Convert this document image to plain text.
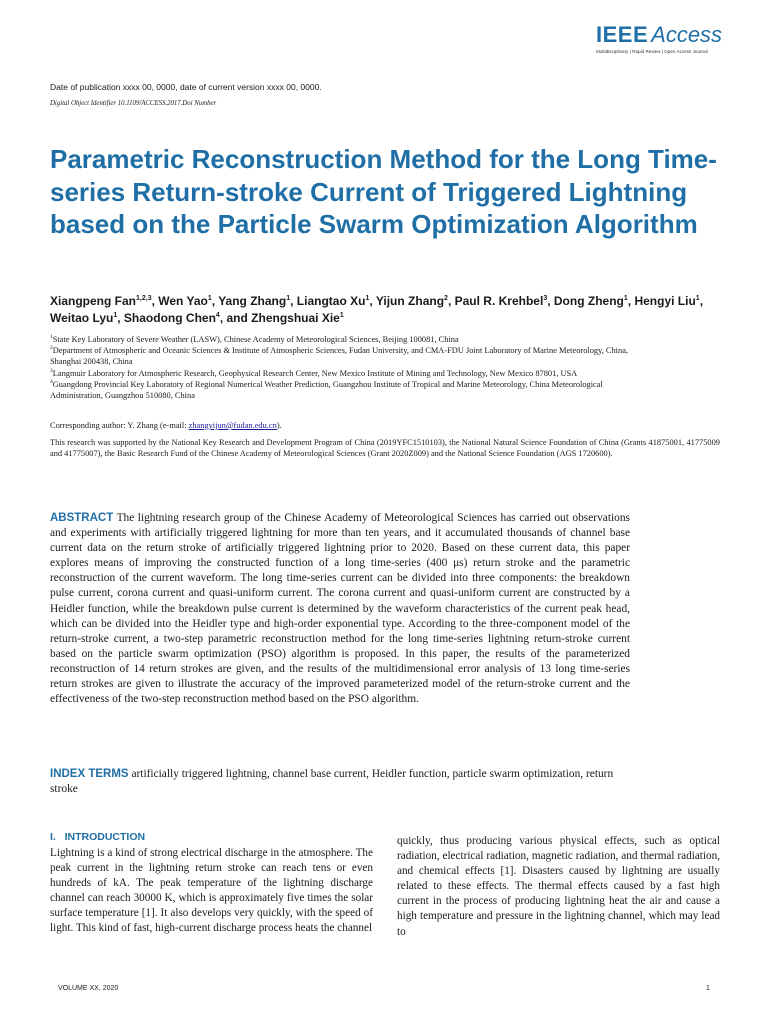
IEEE Access
Multidisciplinary | Rapid Review | Open Access Journal
Date of publication xxxx 00, 0000, date of current version xxxx 00, 0000.
Digital Object Identifier 10.1109/ACCESS.2017.Doi Number
Parametric Reconstruction Method for the Long Time-series Return-stroke Current of Triggered Lightning based on the Particle Swarm Optimization Algorithm
Xiangpeng Fan$^{1,2,3}$, Wen Yao$^1$, Yang Zhang$^1$, Liangtao Xu$^1$, Yijun Zhang$^2$, Paul R. Krehbel$^3$, Dong Zheng$^1$, Hengyi Liu$^1$, Weitao Lyu$^1$, Shaodong Chen$^4$, and Zhengshuai Xie$^1$
$^1$State Key Laboratory of Severe Weather (LASW), Chinese Academy of Meteorological Sciences, Beijing 100081, China
$^2$Department of Atmospheric and Oceanic Sciences & Institute of Atmospheric Sciences, Fudan University, and CMA-FDU Joint Laboratory of Marine Meteorology, China, Shanghai 200438, China
$^3$Langmuir Laboratory for Atmospheric Research, Geophysical Research Center, New Mexico Institute of Mining and Technology, New Mexico 87801, USA
$^4$Guangdong Provincial Key Laboratory of Regional Numerical Weather Prediction, Guangzhou Institute of Tropical and Marine Meteorology, China Meteorological Administration, Guangzhou 510080, China
Corresponding author: Y. Zhang (e-mail: zhangyijun@fudan.edu.cn).
This research was supported by the National Key Research and Development Program of China (2019YFC1510103), the National Natural Science Foundation of China (Grants 41875001, 41775009 and 41775007), the Basic Research Fund of the Chinese Academy of Meteorological Sciences (Grant 2020Z009) and the National Science Foundation (AGS 1720600).
ABSTRACT The lightning research group of the Chinese Academy of Meteorological Sciences has carried out observations and experiments with artificially triggered lightning for more than ten years, and it accumulated thousands of channel base current data on the return stroke of artificially triggered lightning prior to 2020. Based on these current data, this paper explores means of improving the constructed function of a long time-series (400 μs) return stroke and the parametric reconstruction of the current waveform. The long time-series current can be divided into three components: the breakdown pulse current, corona current and quasi-uniform current. The corona current and quasi-uniform current are constructed by a Heidler function, while the breakdown pulse current is determined by the waveform characteristics of the current peak head, which can be divided into the Heidler type and high-order exponential type. According to the three-component model of the return-stroke current, a two-step parametric reconstruction method for the long time-series lightning return-stroke current based on the particle swarm optimization (PSO) algorithm is proposed. In this paper, the results of the parameterized reconstruction of 14 return strokes are given, and the results of the multidimensional error analysis of 13 long time-series return strokes are given to illustrate the accuracy of the improved parameterized model of the return-stroke current and the effectiveness of the two-step reconstruction method based on the PSO algorithm.
INDEX TERMS artificially triggered lightning, channel base current, Heidler function, particle swarm optimization, return stroke
I.   INTRODUCTION
Lightning is a kind of strong electrical discharge in the atmosphere. The peak current in the lightning return stroke can reach tens or even hundreds of kA. The peak temperature of the lightning discharge channel can reach 30000 K, which is approximately five times the solar surface temperature [1]. It also develops very quickly, with the speed of light. This kind of fast, high-current discharge process heats the channel
quickly, thus producing various physical effects, such as optical radiation, electrical radiation, magnetic radiation, and thermal radiation, and chemical effects [1]. Disasters caused by lightning are usually related to these effects. The thermal effects caused by a fast high current in the process of producing lightning heat the air and cause a high temperature and pressure in the lightning channel, which may lead to
VOLUME XX, 2020	1
